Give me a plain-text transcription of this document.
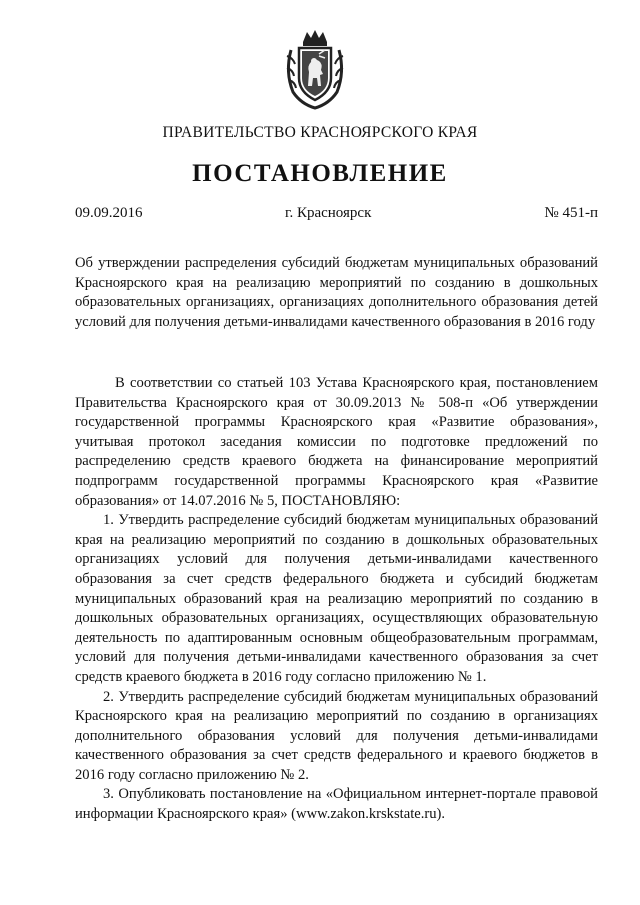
ПРАВИТЕЛЬСТВО КРАСНОЯРСКОГО КРАЯ
ПОСТАНОВЛЕНИЕ
09.09.2016	г. Красноярск	№ 451-п
Об утверждении распределения субсидий бюджетам муниципальных образований Красноярского края на реализацию мероприятий по созданию в дошкольных образовательных организациях, организациях дополнительного образования детей условий для получения детьми-инвалидами качественного образования в 2016 году

В соответствии со статьей 103 Устава Красноярского края, постановлением Правительства Красноярского края от 30.09.2013 № 508-п «Об утверждении государственной программы Красноярского края «Развитие образования», учитывая протокол заседания комиссии по подготовке предложений по распределению средств краевого бюджета на финансирование мероприятий подпрограмм государственной программы Красноярского края «Развитие образования» от 14.07.2016 № 5, ПОСТАНОВЛЯЮ:

1. Утвердить распределение субсидий бюджетам муниципальных образований края на реализацию мероприятий по созданию в дошкольных образовательных организациях условий для получения детьми-инвалидами качественного образования за счет средств федерального бюджета и субсидий бюджетам муниципальных образований края на реализацию мероприятий по созданию в дошкольных образовательных организациях, осуществляющих образовательную деятельность по адаптированным основным общеобразовательным программам, условий для получения детьми-инвалидами качественного образования за счет средств краевого бюджета в 2016 году согласно приложению № 1.

2. Утвердить распределение субсидий бюджетам муниципальных образований Красноярского края на реализацию мероприятий по созданию в организациях дополнительного образования условий для получения детьми-инвалидами качественного образования за счет средств федерального и краевого бюджетов в 2016 году согласно приложению № 2.

3. Опубликовать постановление на «Официальном интернет-портале правовой информации Красноярского края» (www.zakon.krskstate.ru).
